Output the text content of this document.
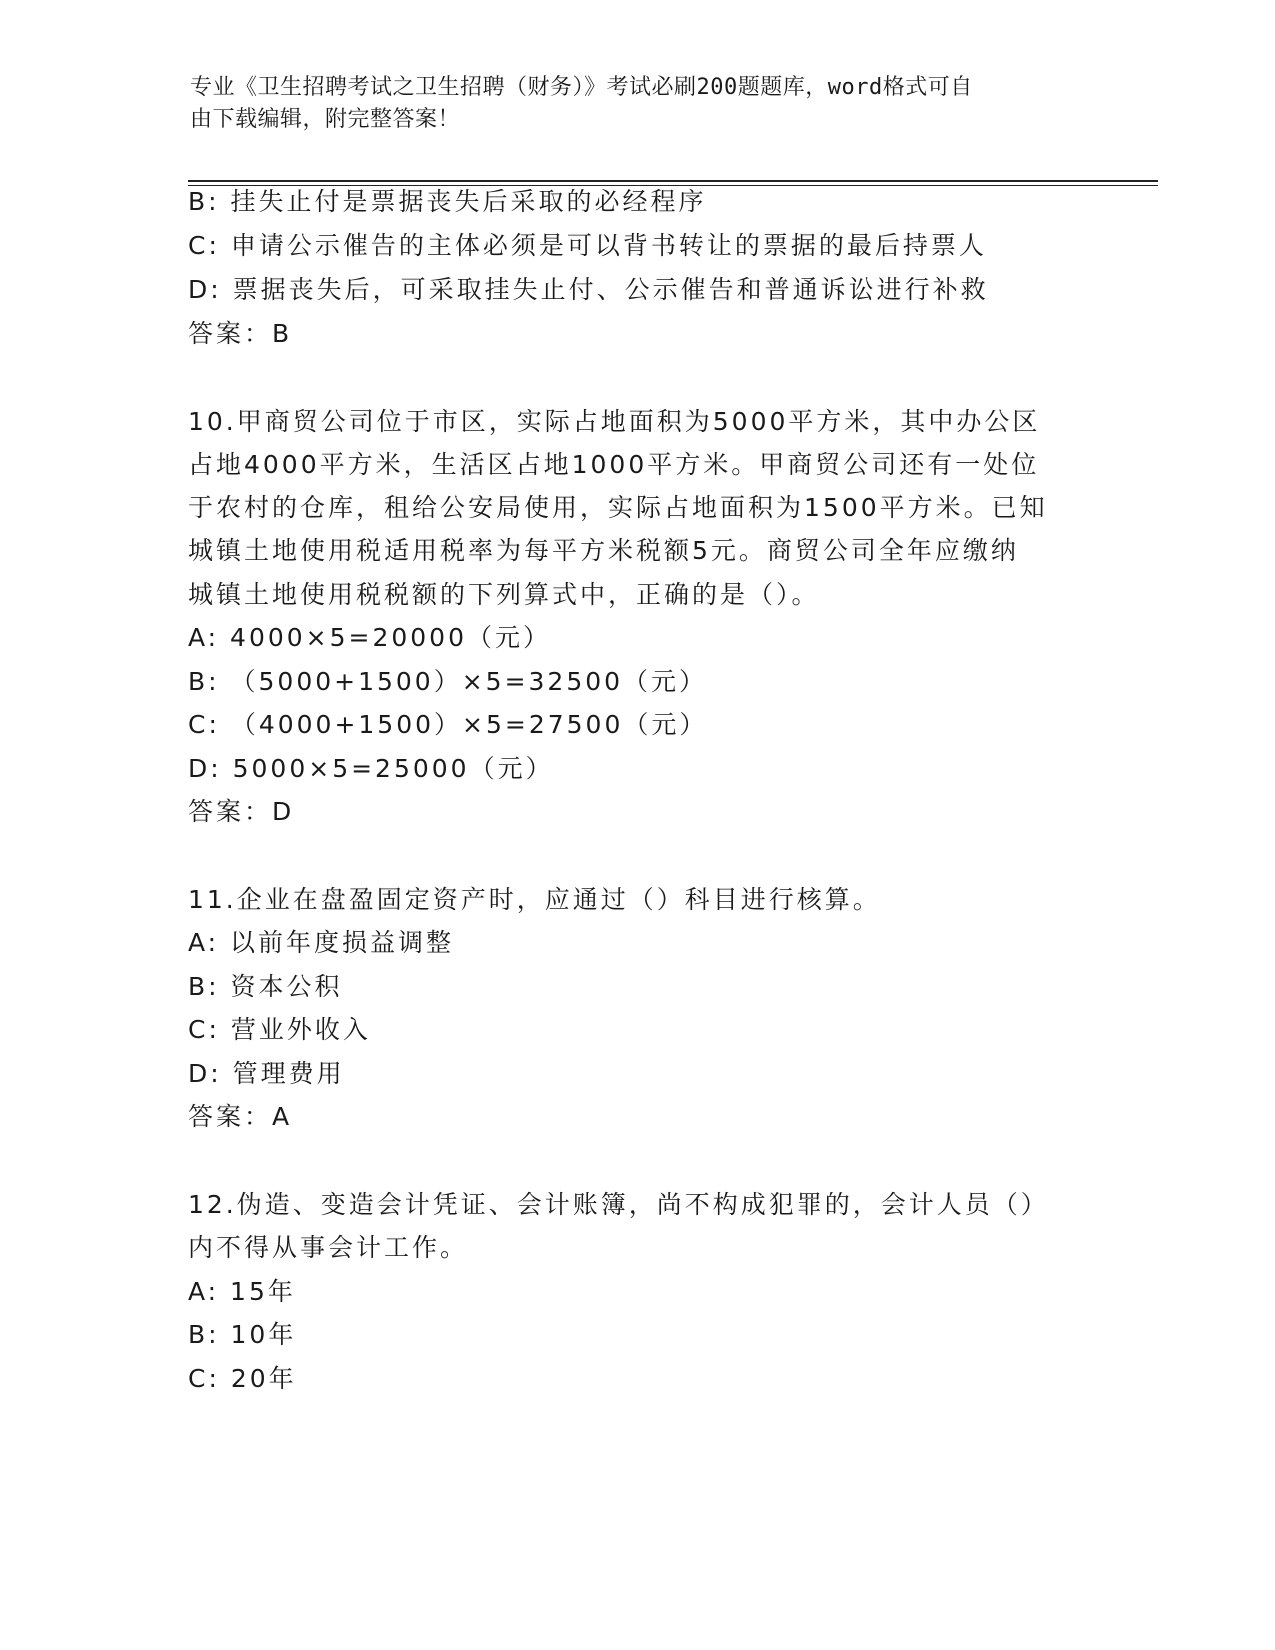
专业《卫生招聘考试之卫生招聘（财务）》考试必刷200题题库，word格式可自
由下载编辑，附完整答案！
B: 挂失止付是票据丧失后采取的必经程序
C: 申请公示催告的主体必须是可以背书转让的票据的最后持票人
D: 票据丧失后，可采取挂失止付、公示催告和普通诉讼进行补救
答案：B
10.甲商贸公司位于市区，实际占地面积为5000平方米，其中办公区
占地4000平方米，生活区占地1000平方米。甲商贸公司还有一处位
于农村的仓库，租给公安局使用，实际占地面积为1500平方米。已知
城镇土地使用税适用税率为每平方米税额5元。商贸公司全年应缴纳
城镇土地使用税税额的下列算式中，正确的是（）。
A: 4000×5=20000（元）
B: （5000+1500）×5=32500（元）
C: （4000+1500）×5=27500（元）
D: 5000×5=25000（元）
答案：D
11.企业在盘盈固定资产时，应通过（）科目进行核算。
A: 以前年度损益调整
B: 资本公积
C: 营业外收入
D: 管理费用
答案：A
12.伪造、变造会计凭证、会计账簿，尚不构成犯罪的，会计人员（）
内不得从事会计工作。
A: 15年
B: 10年
C: 20年
